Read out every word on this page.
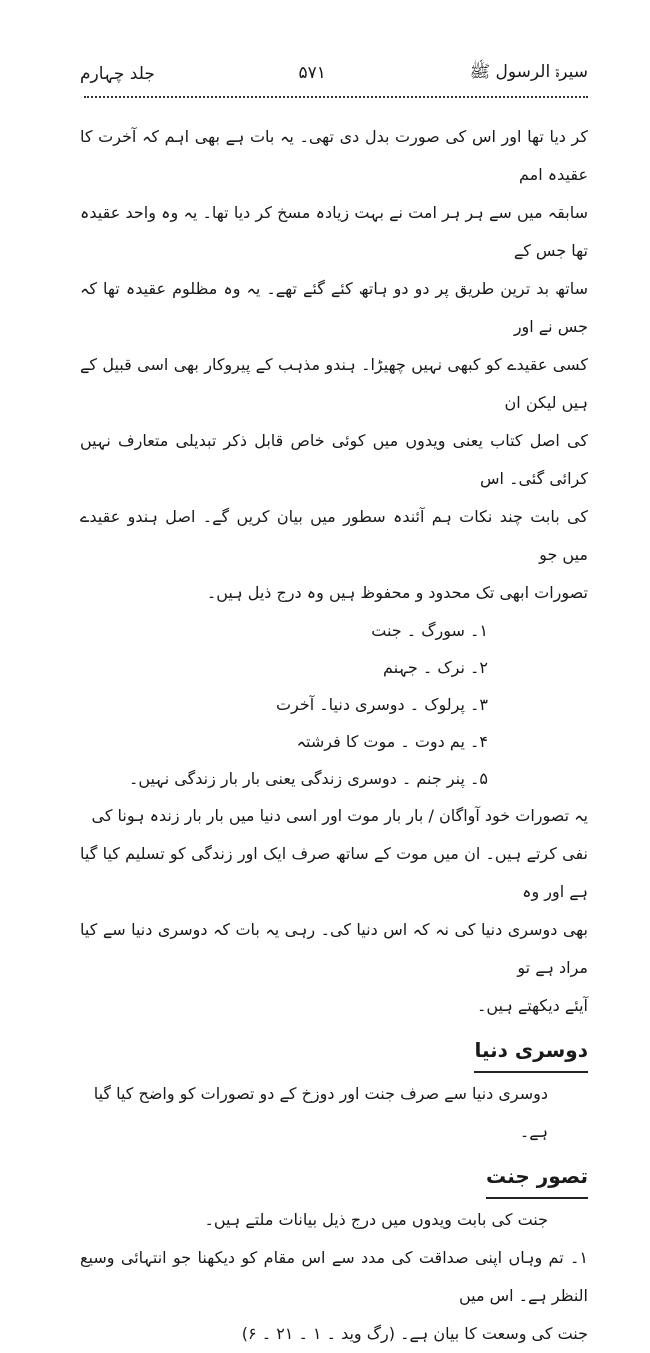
سیرۃ الرسول ﷺ
۵۷۱
جلد چہارم

کر دیا تھا اور اس کی صورت بدل دی تھی۔ یہ بات ہے بھی اہم کہ آخرت کا عقیدہ امم

سابقہ میں سے ہر ہر امت نے بہت زیادہ مسخ کر دیا تھا۔ یہ وہ واحد عقیدہ تھا جس کے

ساتھ بد ترین طریق پر دو دو ہاتھ کئے گئے تھے۔ یہ وہ مظلوم عقیدہ تھا کہ جس نے اور

کسی عقیدے کو کبھی نہیں چھیڑا۔ ہندو مذہب کے پیروکار بھی اسی قبیل کے ہیں لیکن ان

کی اصل کتاب یعنی ویدوں میں کوئی خاص قابل ذکر تبدیلی متعارف نہیں کرائی گئی۔ اس

کی بابت چند نکات ہم آئندہ سطور میں بیان کریں گے۔ اصل ہندو عقیدے میں جو

تصورات ابھی تک محدود و محفوظ ہیں وہ درج ذیل ہیں۔

۱۔ سورگ ۔ جنت

۲۔ نرک ۔ جہنم

۳۔ پرلوک ۔ دوسری دنیا۔ آخرت

۴۔ یم دوت ۔ موت کا فرشتہ

۵۔ پنر جنم ۔ دوسری زندگی یعنی بار بار زندگی نہیں۔

یہ تصورات خود آواگان / بار بار موت اور اسی دنیا میں بار بار زندہ ہونا کی

نفی کرتے ہیں۔ ان میں موت کے ساتھ صرف ایک اور زندگی کو تسلیم کیا گیا ہے اور وہ

بھی دوسری دنیا کی نہ کہ اس دنیا کی۔ رہی یہ بات کہ دوسری دنیا سے کیا مراد ہے تو

آیئے دیکھتے ہیں۔

دوسری دنیا

دوسری دنیا سے صرف جنت اور دوزخ کے دو تصورات کو واضح کیا گیا ہے۔

تصور جنت

جنت کی بابت ویدوں میں درج ذیل بیانات ملتے ہیں۔

۱۔ تم وہاں اپنی صداقت کی مدد سے اس مقام کو دیکھنا جو انتہائی وسیع النظر ہے۔ اس میں

جنت کی وسعت کا بیان ہے۔ (رگ وید ۔ ۱ ۔ ۲۱ ۔ ۶)
